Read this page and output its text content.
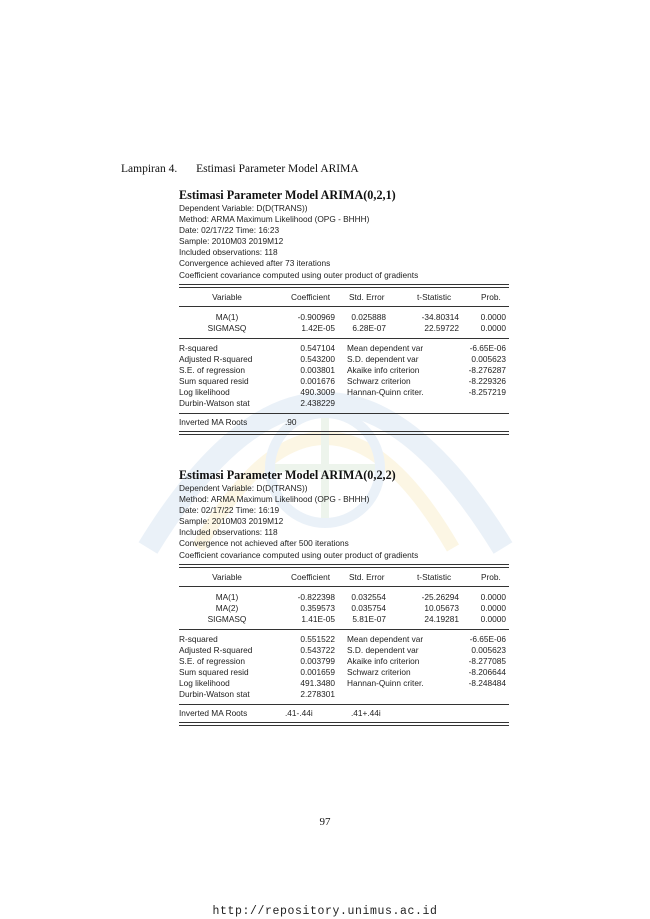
Lampiran 4. Estimasi Parameter Model ARIMA
Estimasi Parameter Model ARIMA(0,2,1)
Dependent Variable: D(D(TRANS))
Method: ARMA Maximum Likelihood (OPG - BHHH)
Date: 02/17/22 Time: 16:23
Sample: 2010M03 2019M12
Included observations: 118
Convergence achieved after 73 iterations
Coefficient covariance computed using outer product of gradients
Variable	Coefficient Std. Error	t-Statistic	Prob.
MA(1)	-0.900969 0.025888	-34.80314	0.0000
SIGMASQ	1.42E-05 6.28E-07	22.59722	0.0000
R-squared	0.547104 Mean dependent var	-6.65E-06
Adjusted R-squared	0.543200 S.D. dependent var	0.005623
S.E. of regression	0.003801 Akaike info criterion	-8.276287
Sum squared resid	0.001676 Schwarz criterion	-8.229326
Log likelihood	490.3009 Hannan-Quinn criter.	-8.257219
Durbin-Watson stat	2.438229
Inverted MA Roots	.90
Estimasi Parameter Model ARIMA(0,2,2)
Dependent Variable: D(D(TRANS))
Method: ARMA Maximum Likelihood (OPG - BHHH)
Date: 02/17/22 Time: 16:19
Sample: 2010M03 2019M12
Included observations: 118
Convergence not achieved after 500 iterations
Coefficient covariance computed using outer product of gradients
Variable	Coefficient Std. Error	t-Statistic	Prob.
MA(1)	-0.822398 0.032554	-25.26294	0.0000
MA(2)	0.359573 0.035754	10.05673	0.0000
SIGMASQ	1.41E-05 5.81E-07	24.19281	0.0000
R-squared	0.551522 Mean dependent var	-6.65E-06
Adjusted R-squared	0.543722 S.D. dependent var	0.005623
S.E. of regression	0.003799 Akaike info criterion	-8.277085
Sum squared resid	0.001659 Schwarz criterion	-8.206644
Log likelihood	491.3480 Hannan-Quinn criter.	-8.248484
Durbin-Watson stat	2.278301
Inverted MA Roots	.41-.44i	.41+.44i
97
http://repository.unimus.ac.id
